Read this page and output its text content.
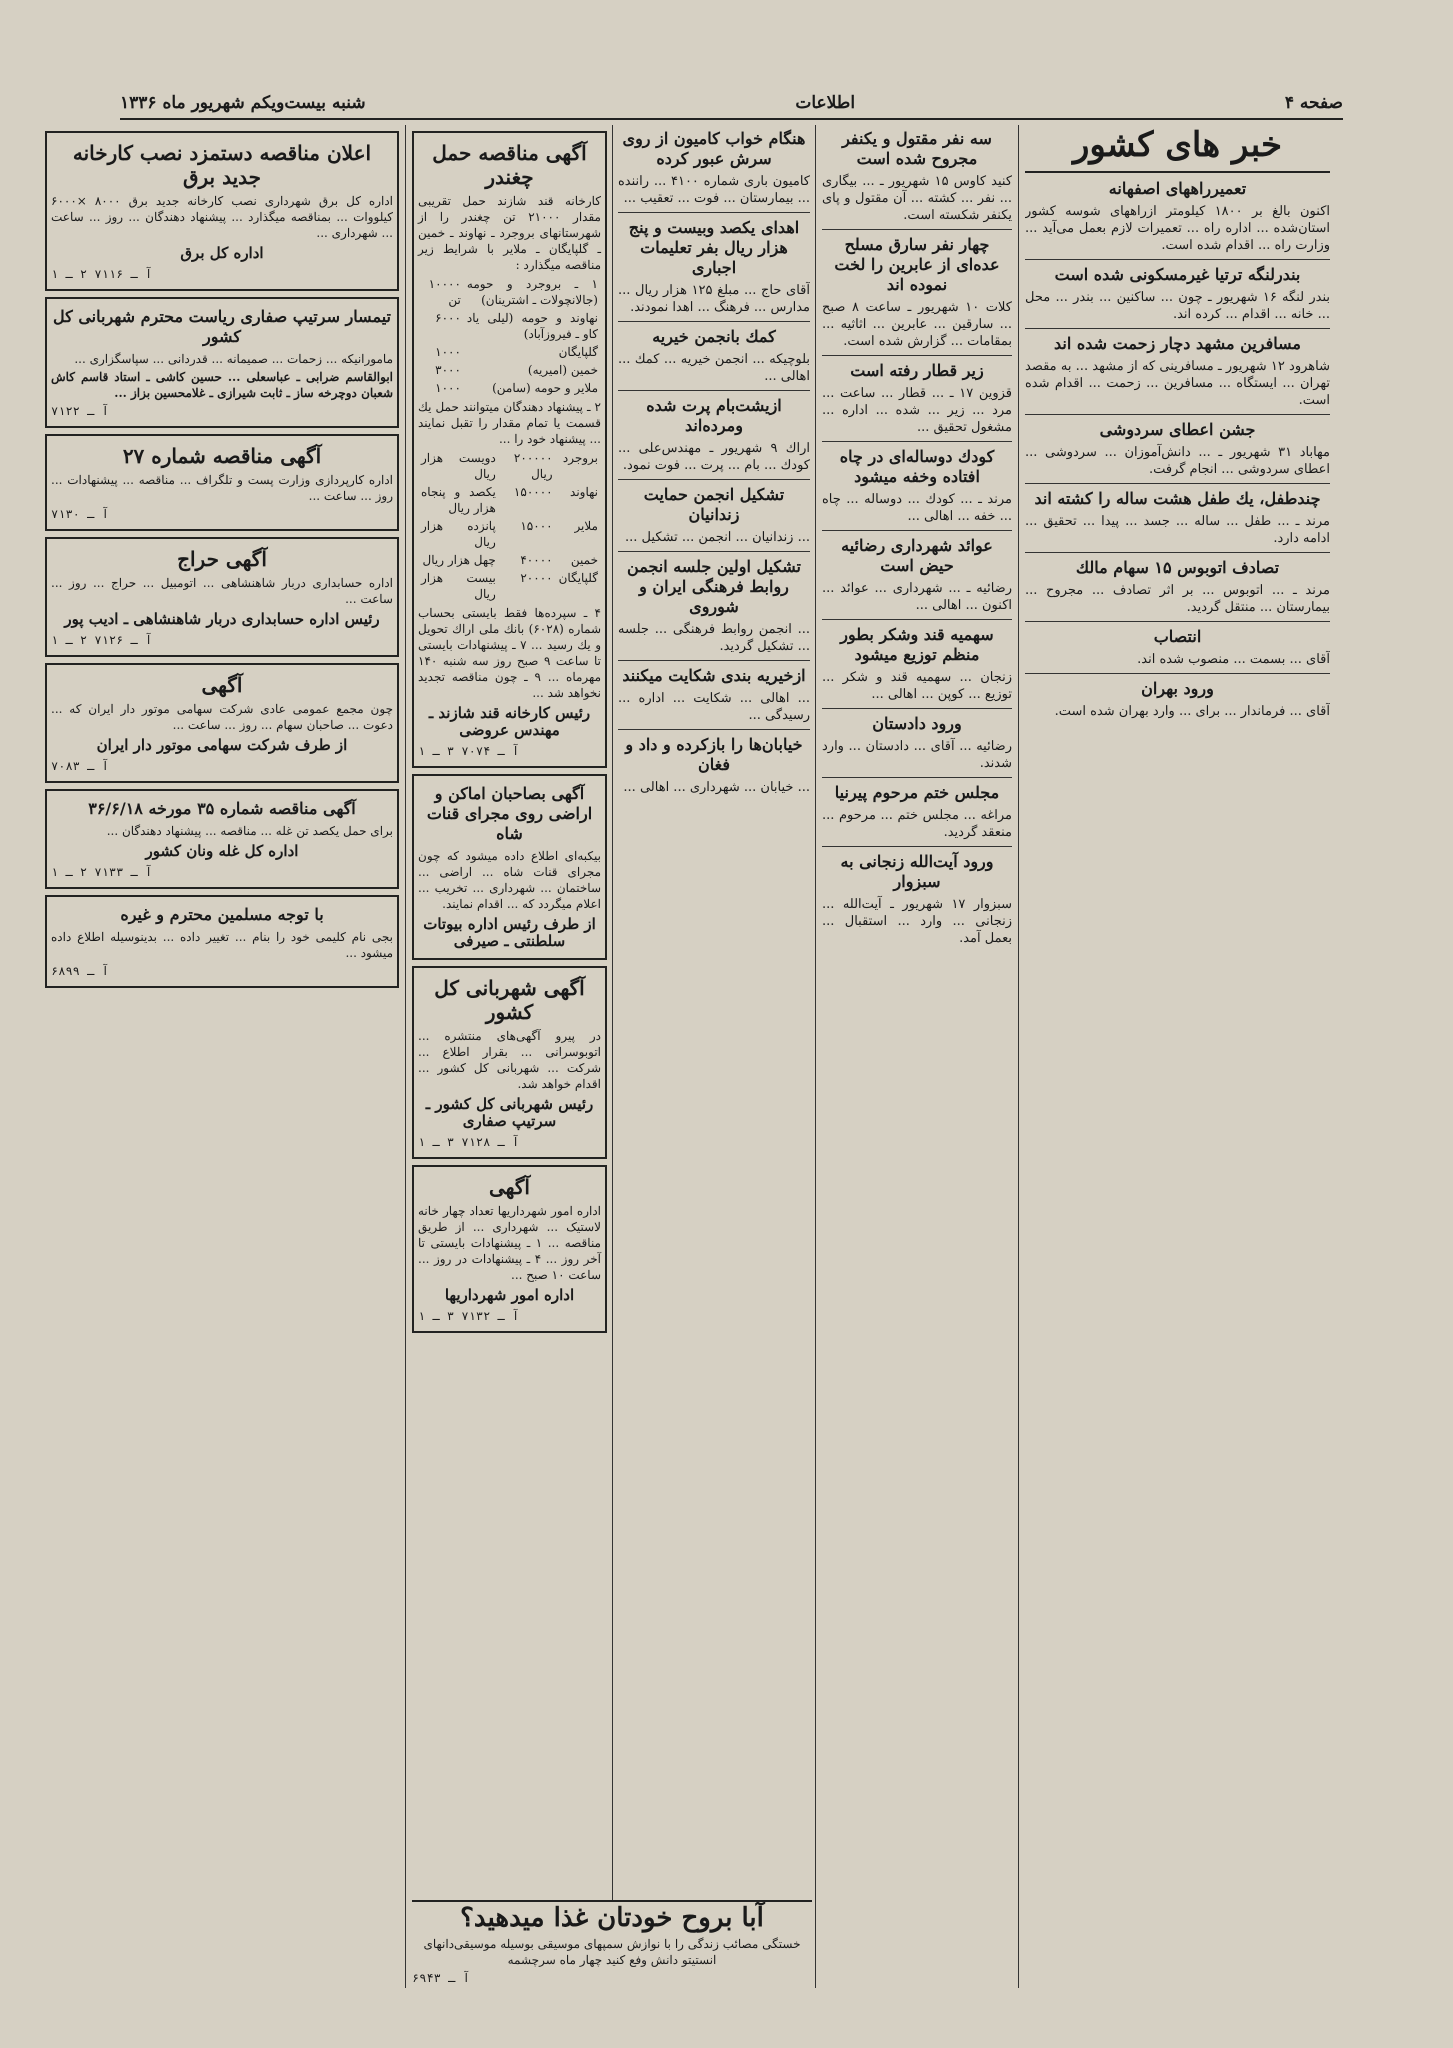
صفحه ۴
اطلاعات
شنبه بیست‌ویکم شهریور ماه ۱۳۳۶
خبر های کشور
تعمیرراههای اصفهانه

اکنون بالغ بر ۱۸۰۰ کیلومتر ازراههای شوسه کشور استان‌شده ... اداره‌ راه ... تعمیرات لازم بعمل می‌آید ... وزارت راه ... اقدام شده است.

بندرلنگه ترتیا غیرمسکونی شده است

بندر لنگه ۱۶ شهریور ـ چون ... ساکنین ... بندر ... محل ... خانه ... اقدام ... کرده اند.

مسافرین مشهد دچار زحمت شده اند

شاهرود ۱۲ شهریور ـ مسافرینی که از مشهد ... به مقصد تهران ... ایستگاه ... مسافرین ... زحمت ... اقدام شده است.

جشن اعطای سردوشی

مهاباد ۳۱ شهریور ـ ... دانش‌آموزان ... سردوشی ... اعطای سردوشی ... انجام گرفت.

چندطفل، یك طفل هشت ساله را کشته اند

مرند ـ ... طفل ... ساله ... جسد ... پیدا ... تحقیق ... ادامه دارد.

تصادف اتوبوس ۱۵ سهام مالك

مرند ـ ... اتوبوس ... بر اثر تصادف ... مجروح ... بیمارستان ... منتقل گردید.

انتصاب

آقای ... بسمت ... منصوب شده اند.

ورود بهران

آقای ... فرماندار ... برای ... وارد بهران شده است.

سه نفر مقتول و یکنفر مجروح شده است

کنید کاوس ۱۵ شهریور ـ ... بیگاری ... نفر ... کشته ... آن مقتول و پای یکنفر شکسته است.

چهار نفر سارق مسلح عده‌ای از عابرین را لخت نموده اند

کلات ۱۰ شهریور ـ ساعت ۸ صبح ... سارقین ... عابرین ... اثاثیه ... بمقامات ... گزارش شده است.

زیر قطار رفته است

قزوین ۱۷ ـ ... قطار ... ساعت ... مرد ... زیر ... شده ... اداره ... مشغول تحقیق ...

کودك دوساله‌ای در چاه افتاده وخفه میشود

مرند ـ ... کودك ... دوساله ... چاه ... خفه ... اهالی ...

عوائد شهرداری رضائیه حیض است

رضائیه ـ ... شهرداری ... عوائد ... اکنون ... اهالی ...

سهمیه قند وشکر بطور منظم توزیع میشود

زنجان ... سهمیه قند و شکر ... توزیع ... کوپن ... اهالی ...

ورود دادستان

رضائیه ... آقای ... دادستان ... وارد شدند.

مجلس ختم مرحوم پیرنیا

مراغه ... مجلس ختم ... مرحوم ... منعقد گردید.

ورود آیت‌الله زنجانی به سبزوار

سبزوار ۱۷ شهریور ـ آیت‌الله ... زنجانی ... وارد ... استقبال ... بعمل آمد.

هنگام خواب کامیون از روی سرش عبور کرده

کامیون باری شماره ۴۱۰۰ ... راننده ... بیمارستان ... فوت ... تعقیب ...

اهدای یکصد وبیست و پنج هزار ریال بفر تعلیمات اجباری

آقای حاج ... مبلغ ۱۲۵ هزار ریال ... مدارس ... فرهنگ ... اهدا نمودند.

کمك بانجمن خیریه

بلوچیکه ... انجمن خیریه ... کمك ... اهالی ...

ازیشت‌بام پرت شده ومرده‌اند

اراك ۹ شهریور ـ مهندس‌علی ... کودك ... بام ... پرت ... فوت نمود.

تشکیل انجمن حمایت زندانیان

... زندانیان ... انجمن ... تشکیل ...

تشکیل اولین جلسه انجمن روابط فرهنگی ایران و شوروی

... انجمن روابط فرهنگی ... جلسه ... تشکیل گردید.

ازخیریه بندی شکایت میکنند

... اهالی ... شکایت ... اداره ... رسیدگی ...

خیابان‌ها را بازکرده و داد و فغان

... خیابان ... شهرداری ... اهالی ...

آگهی مناقصه حمل چغندر

کارخانه قند شازند حمل تقریبی مقدار ۲۱۰۰۰ تن چغندر را از شهرستانهای بروجرد ـ نهاوند ـ خمین ـ گلپایگان ـ ملایر با شرایط زیر مناقصه میگذارد :

۱ ـ بروجرد و حومه (جالانچولات ـ اشترینان)	۱۰۰۰۰ تن
نهاوند و حومه (لیلی یاد کاو ـ فیروزآباد)	۶۰۰۰
گلپایگان	۱۰۰۰
خمین (امیریه)	۳۰۰۰
ملایر و حومه (سامن)	۱۰۰۰

۲ ـ پیشنهاد دهندگان میتوانند حمل یك قسمت یا تمام مقدار را تقبل نمایند ... پیشنهاد خود را ...

بروجرد	۲۰۰۰۰۰ ریال	دویست هزار ریال
نهاوند	۱۵۰۰۰۰	یکصد و پنجاه هزار ریال
ملایر	۱۵۰۰۰	پانزده هزار ریال
خمین	۴۰۰۰۰	چهل هزار ریال
گلپایگان	۲۰۰۰۰	بیست هزار ریال

۴ ـ سپرده‌ها فقط بایستی بحساب شماره (۶۰۲۸) بانك ملی اراك تحویل و یك رسید ... ۷ ـ پیشنهادات بایستی تا ساعت ۹ صبح روز سه شنبه ۱۴۰ مهرماه ... ۹ ـ چون مناقصه تجدید نخواهد شد ...

رئیس کارخانه قند شازند ـ مهندس عروضی
آ ـ ۷۰۷۴ ۳ ـ ۱
آگهی بصاحبان اماکن و اراضی روی مجرای قنات‌ شاه

بیکبه‌ای اطلاع داده میشود که چون مجرای قنات شاه ... اراضی ... ساختمان ... شهرداری ... تخریب ... اعلام میگردد که ... اقدام نمایند.

از طرف رئیس اداره بیوتات سلطنتی ـ صیرفی
آگهی شهربانی کل کشور

در پیرو آگهی‌های منتشره ... اتوبوسرانی ... بقرار اطلاع ... شرکت ... شهربانی کل کشور ... اقدام خواهد شد.

رئیس شهربانی کل کشور ـ سرتیپ صفاری
آ ـ ۷۱۲۸ ۳ ـ ۱
آگهی

اداره امور شهرداریها تعداد چهار خانه لاستیک ... شهرداری ... از طریق مناقصه ... ۱ ـ پیشنهادات بایستی تا آخر روز ... ۴ ـ پیشنهادات در روز ... ساعت ۱۰ صبح ...

اداره امور شهرداریها
آ ـ ۷۱۳۲ ۳ ـ ۱
آبا بروح خودتان غذا میدهید؟

خستگی مصائب زندگی را با نوازش سمپهای موسیقی بوسیله موسیقی‌دانهای انستیتو دانش وفع کنید چهار ماه سرچشمه

آ ـ ۶۹۴۳
اعلان مناقصه دستمزد نصب کارخانه جدید برق

اداره کل برق شهرداری نصب کارخانه جدید برق ۸۰۰۰ ×۶۰۰۰ کیلووات ... بمناقصه میگذارد ... پیشنهاد دهندگان ... روز ... ساعت ... شهرداری ...

اداره کل برق
آ ـ ۷۱۱۶ ۲ ـ ۱
تیمسار سرتیپ صفاری ریاست محترم شهربانی کل کشور

مامورانیکه ... زحمات ... صمیمانه ... قدردانی ... سپاسگزاری ...

ابوالقاسم ضرابی ـ عباسعلی ... حسین کاشی ـ استاد قاسم کاش شعبان دوچرخه ساز ـ ثابت شیرازی ـ غلامحسین بزاز ...

آ ـ ۷۱۲۲
آگهی مناقصه شماره ۲۷

اداره کارپردازی وزارت پست و تلگراف ... مناقصه ... پیشنهادات ... روز ... ساعت ...

آ ـ ۷۱۳۰
آگهی حراج

اداره حسابداری دربار شاهنشاهی ... اتومبیل ... حراج ... روز ... ساعت ...

رئیس اداره حسابداری دربار شاهنشاهی ـ ادیب پور
آ ـ ۷۱۲۶ ۲ ـ ۱
آگهی

چون مجمع عمومی عادی شرکت سهامی موتور دار ایران که ... دعوت ... صاحبان سهام ... روز ... ساعت ...

از طرف شرکت سهامی موتور دار ایران
آ ـ ۷۰۸۳
آگهی مناقصه شماره ۳۵ مورخه ۳۶/۶/۱۸

برای حمل یکصد تن غله ... مناقصه ... پیشنهاد دهندگان ...

اداره کل غله ونان کشور
آ ـ ۷۱۳۳ ۲ ـ ۱
با توجه مسلمین محترم و غیره

بجی نام کلیمی خود را بنام ... تغییر داده ... بدینوسیله اطلاع داده میشود ...

آ ـ ۶۸۹۹
